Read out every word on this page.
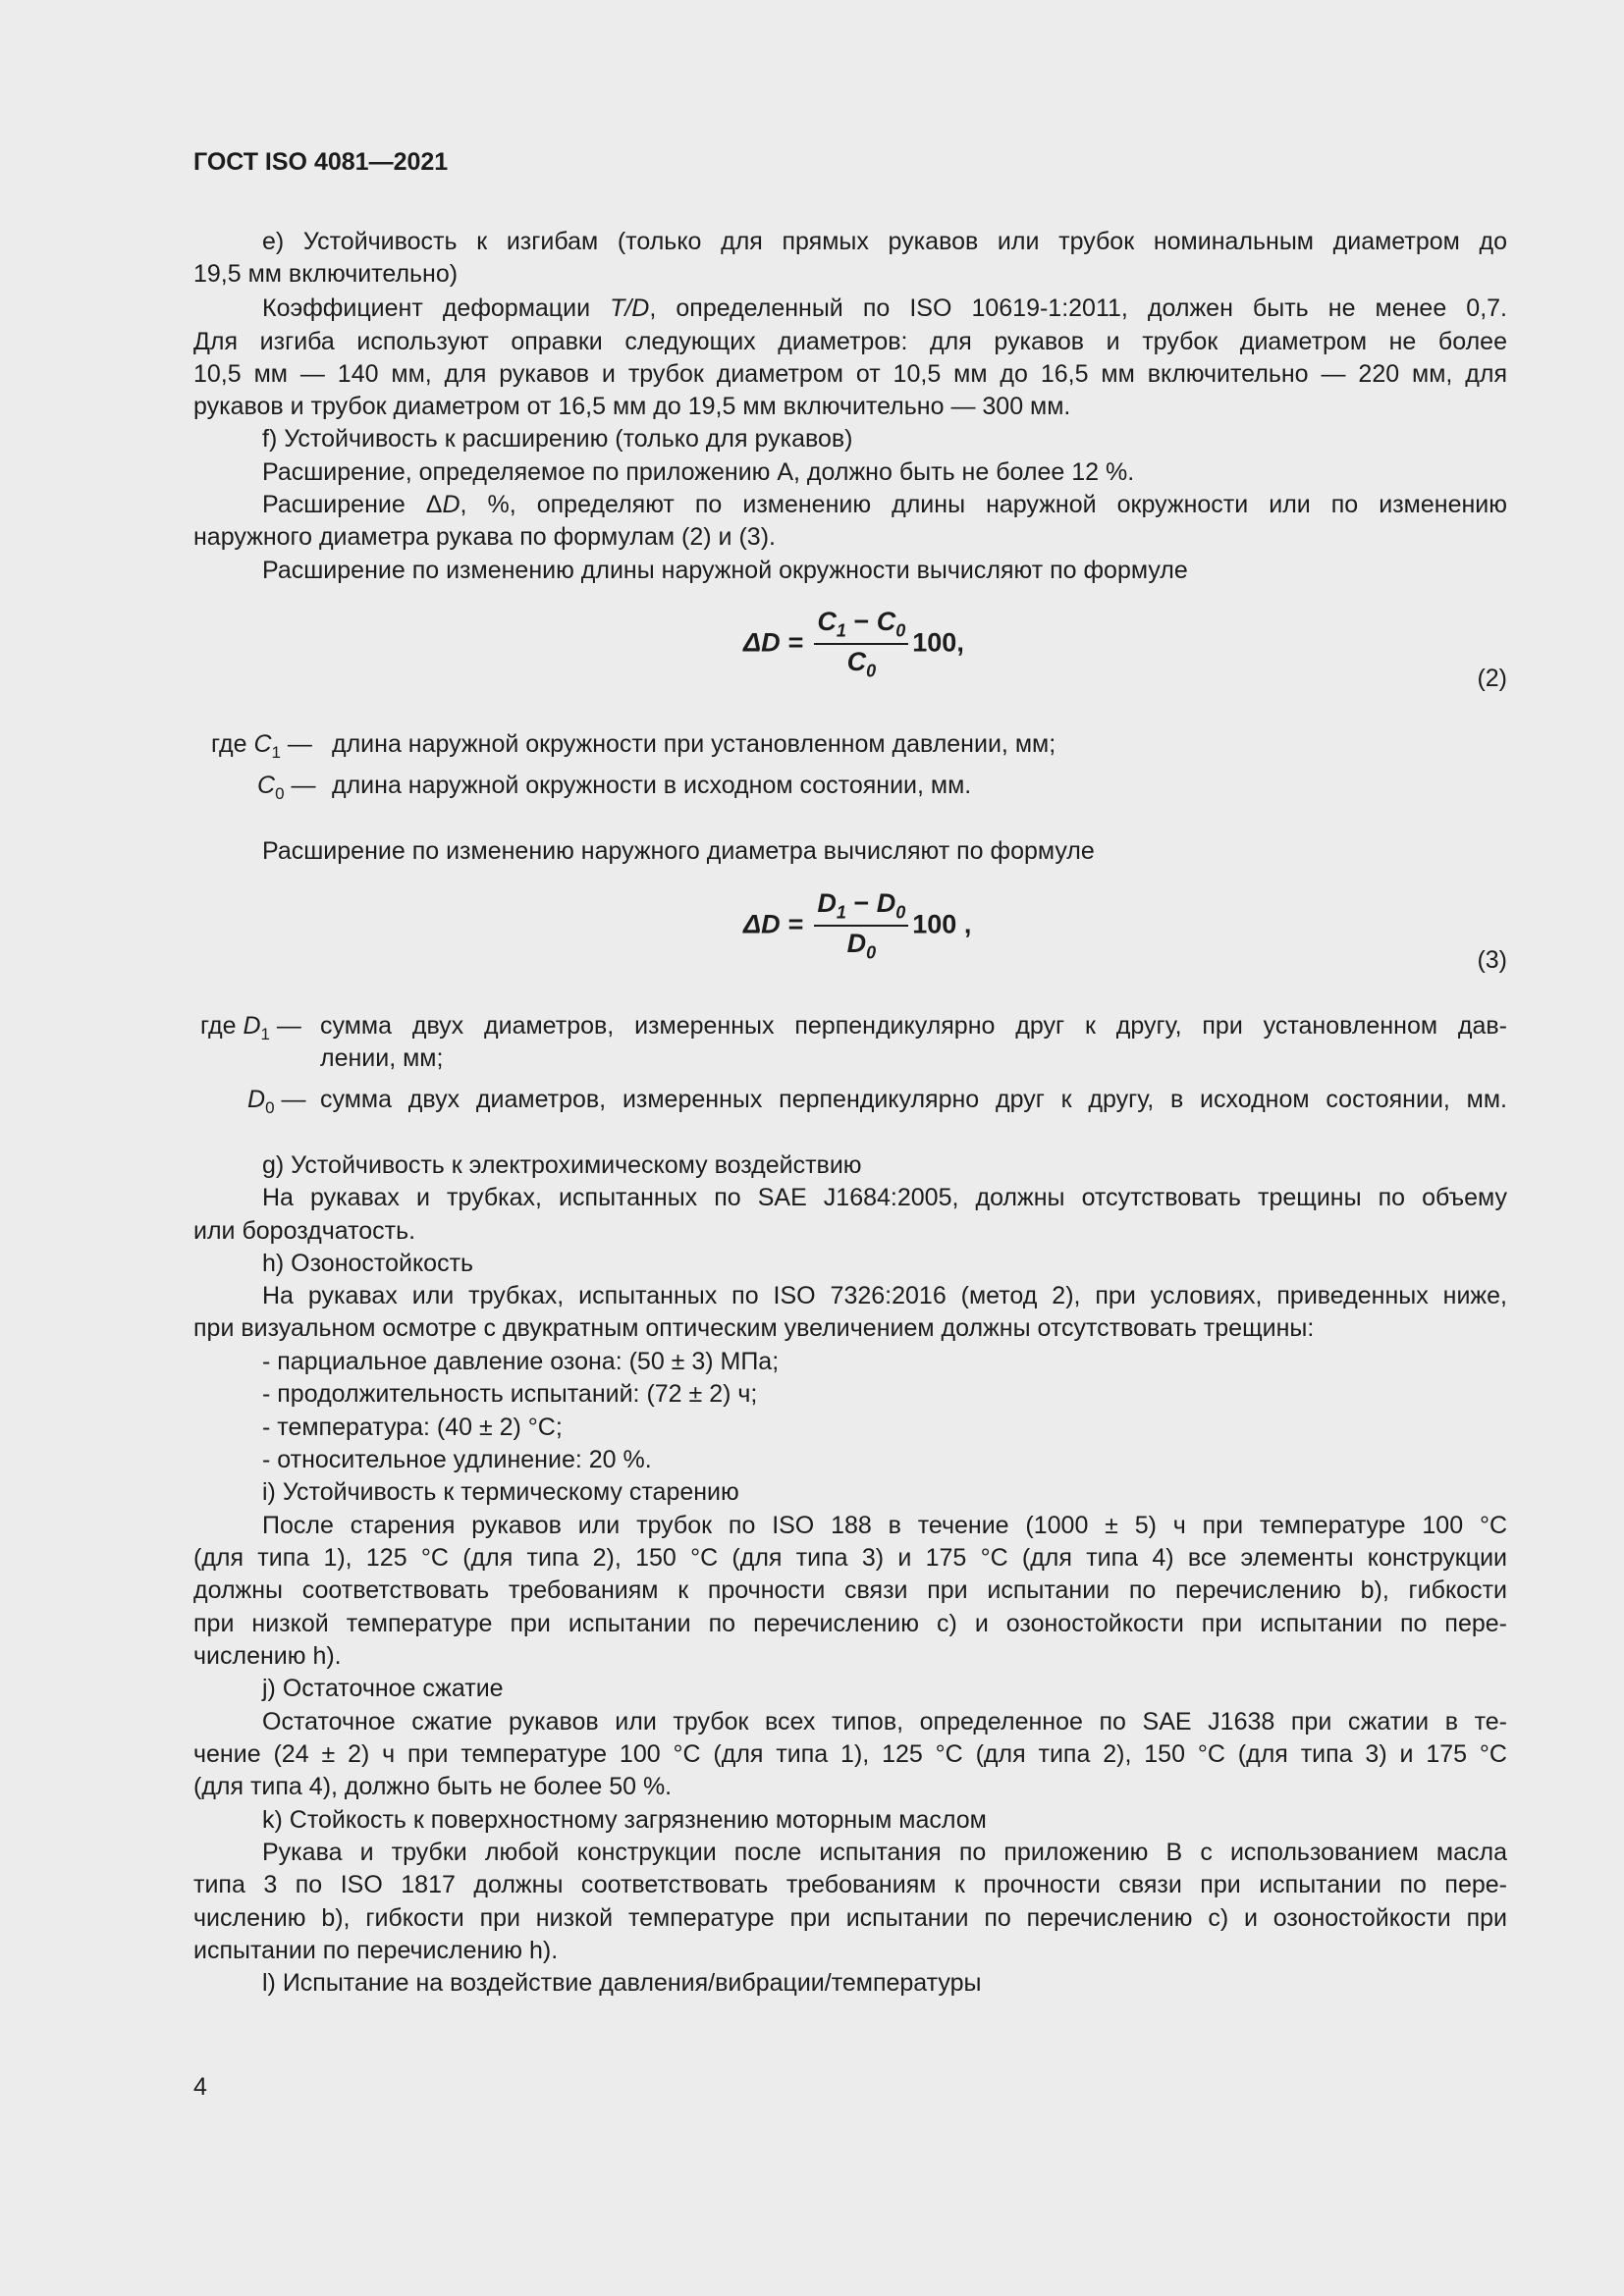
ГОСТ ISO 4081—2021
e) Устойчивость к изгибам (только для прямых рукавов или трубок номинальным диаметром до
19,5 мм включительно)
Коэффициент деформации T/D, определенный по ISO 10619-1:2011, должен быть не менее 0,7.
Для изгиба используют оправки следующих диаметров: для рукавов и трубок диаметром не более
10,5 мм — 140 мм, для рукавов и трубок диаметром от 10,5 мм до 16,5 мм включительно — 220 мм, для
рукавов и трубок диаметром от 16,5 мм до 19,5 мм включительно — 300 мм.
f) Устойчивость к расширению (только для рукавов)
Расширение, определяемое по приложению А, должно быть не более 12 %.
Расширение ΔD, %, определяют по изменению длины наружной окружности или по изменению
наружного диаметра рукава по формулам (2) и (3).
Расширение по изменению длины наружной окружности вычисляют по формуле
$\Delta D = \frac{C_1 - C_0}{C_0} 100$,
(2)
где $C_1$ — длина наружной окружности при установленном давлении, мм;
$C_0$ — длина наружной окружности в исходном состоянии, мм.
Расширение по изменению наружного диаметра вычисляют по формуле
$\Delta D = \frac{D_1 - D_0}{D_0} 100$ ,
(3)
где $D_1$ — сумма двух диаметров, измеренных перпендикулярно друг к другу, при установленном дав-
лении, мм;
$D_0$ — сумма двух диаметров, измеренных перпендикулярно друг к другу, в исходном состоянии, мм.
g) Устойчивость к электрохимическому воздействию
На рукавах и трубках, испытанных по SAE J1684:2005, должны отсутствовать трещины по объему
или бороздчатость.
h) Озоностойкость
На рукавах или трубках, испытанных по ISO 7326:2016 (метод 2), при условиях, приведенных ниже,
при визуальном осмотре с двукратным оптическим увеличением должны отсутствовать трещины:
- парциальное давление озона: (50 ± 3) МПа;
- продолжительность испытаний: (72 ± 2) ч;
- температура: (40 ± 2) °С;
- относительное удлинение: 20 %.
i) Устойчивость к термическому старению
После старения рукавов или трубок по ISO 188 в течение (1000 ± 5) ч при температуре 100 °С
(для типа 1), 125 °С (для типа 2), 150 °С (для типа 3) и 175 °С (для типа 4) все элементы конструкции
должны соответствовать требованиям к прочности связи при испытании по перечислению b), гибкости
при низкой температуре при испытании по перечислению с) и озоностойкости при испытании по пере-
числению h).
j) Остаточное сжатие
Остаточное сжатие рукавов или трубок всех типов, определенное по SAE J1638 при сжатии в те-
чение (24 ± 2) ч при температуре 100 °С (для типа 1), 125 °С (для типа 2), 150 °С (для типа 3) и 175 °С
(для типа 4), должно быть не более 50 %.
k) Стойкость к поверхностному загрязнению моторным маслом
Рукава и трубки любой конструкции после испытания по приложению В с использованием масла
типа 3 по ISO 1817 должны соответствовать требованиям к прочности связи при испытании по пере-
числению b), гибкости при низкой температуре при испытании по перечислению с) и озоностойкости при
испытании по перечислению h).
l) Испытание на воздействие давления/вибрации/температуры
4
